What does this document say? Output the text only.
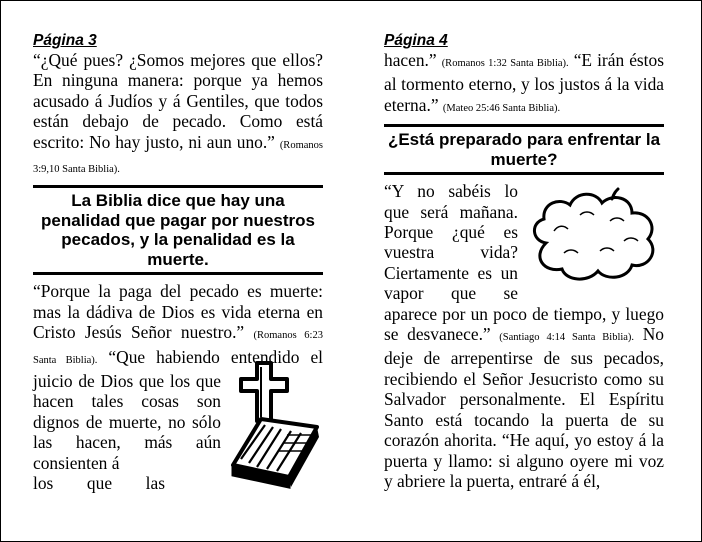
Página 3

“¿Qué pues? ¿Somos mejores que ellos? En ninguna manera: porque ya hemos acusado á Judíos y á Gentiles, que todos están debajo de pecado. Como está escrito: No hay justo, ni aun uno.” (Romanos 3:9,10 Santa Biblia).

La Biblia dice que hay una penalidad que pagar por nuestros pecados, y la penalidad es la muerte.

“Porque la paga del pecado es muerte: mas la dádiva de Dios es vida eterna en Cristo Jesús Señor nuestro.” (Romanos 6:23 Santa Biblia). “Que habiendo entendido el juicio de Dios que los que hacen tales cosas son dignos de muerte, no sólo las hacen, más aún consienten á
los que las

Página 4

hacen.” (Romanos 1:32 Santa Biblia). “E irán éstos al tormento eterno, y los justos á la vida eterna.” (Mateo 25:46 Santa Biblia).

¿Está preparado para enfrentar la muerte?

“Y no sabéis lo que será mañana. Porque ¿qué es vuestra vida? Ciertamente es un vapor que se aparece por un poco de tiempo, y luego se desvanece.” (Santiago 4:14 Santa Biblia). No deje de arrepentirse de sus pecados, recibiendo el Señor Jesucristo como su Salvador personalmente. El Espíritu Santo está tocando la puerta de su corazón ahorita. “He aquí, yo estoy á la puerta y llamo: si alguno oyere mi voz y abriere la puerta, entraré á él,
